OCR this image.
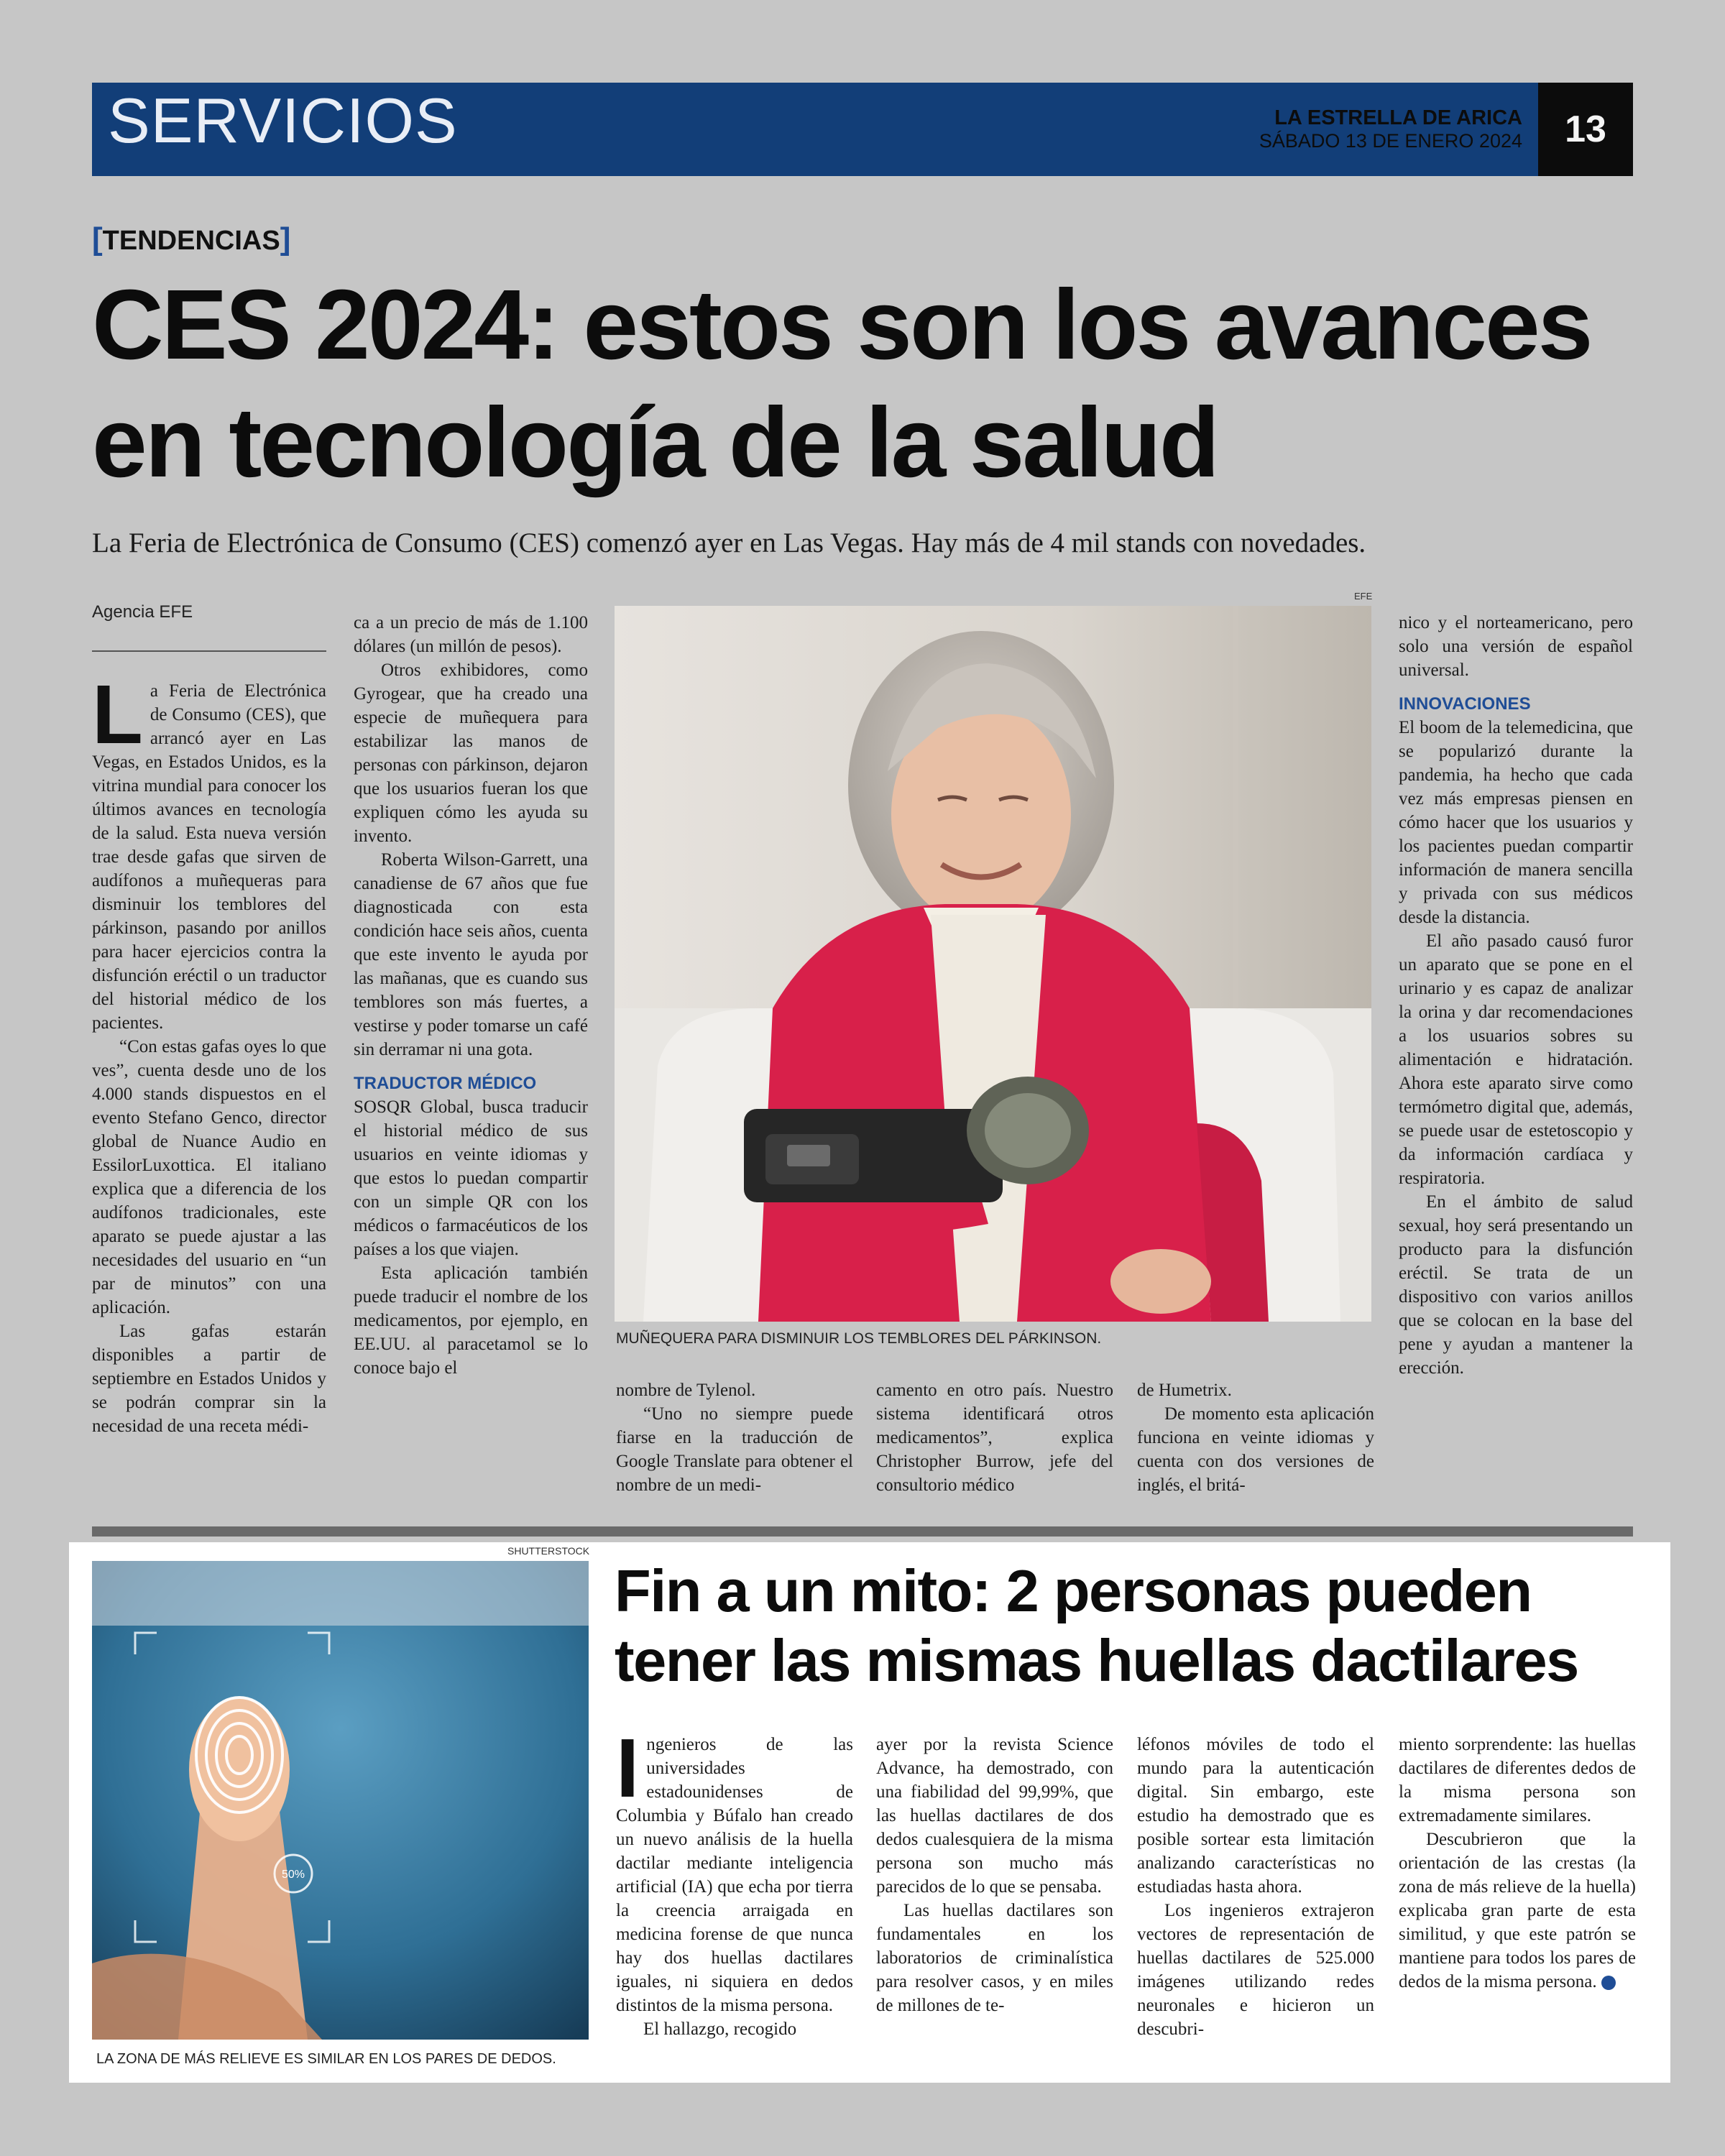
SERVICIOS	LA ESTRELLA DE ARICA
SÁBADO 13 DE ENERO 2024	13
[TENDENCIAS]
CES 2024: estos son los avances
en tecnología de la salud
La Feria de Electrónica de Consumo (CES) comenzó ayer en Las Vegas. Hay más de 4 mil stands con novedades.
Agencia EFE

La Feria de Electrónica de Consumo (CES), que arrancó ayer en Las Vegas, en Estados Unidos, es la vitrina mundial para conocer los últimos avances en tecnología de la salud. Esta nueva versión trae desde gafas que sirven de audífonos a muñequeras para disminuir los temblores del párkinson, pasando por anillos para hacer ejercicios contra la disfunción eréctil o un traductor del historial médico de los pacientes.

“Con estas gafas oyes lo que ves”, cuenta desde uno de los 4.000 stands dispuestos en el evento Stefano Genco, director global de Nuance Audio en EssilorLuxottica. El italiano explica que a diferencia de los audífonos tradicionales, este aparato se puede ajustar a las necesidades del usuario en “un par de minutos” con una aplicación.

Las gafas estarán disponibles a partir de septiembre en Estados Unidos y se podrán comprar sin la necesidad de una receta médi-

ca a un precio de más de 1.100 dólares (un millón de pesos).

Otros exhibidores, como Gyrogear, que ha creado una especie de muñequera para estabilizar las manos de personas con párkinson, dejaron que los usuarios fueran los que expliquen cómo les ayuda su invento.

Roberta Wilson-Garrett, una canadiense de 67 años que fue diagnosticada con esta condición hace seis años, cuenta que este invento le ayuda por las mañanas, que es cuando sus temblores son más fuertes, a vestirse y poder tomarse un café sin derramar ni una gota.

TRADUCTOR MÉDICO

SOSQR Global, busca traducir el historial médico de sus usuarios en veinte idiomas y que estos lo puedan compartir con un simple QR con los médicos o farmacéuticos de los países a los que viajen.

Esta aplicación también puede traducir el nombre de los medicamentos, por ejemplo, en EE.UU. al paracetamol se lo conoce bajo el

EFE
MUÑEQUERA PARA DISMINUIR LOS TEMBLORES DEL PÁRKINSON.

nombre de Tylenol.

“Uno no siempre puede fiarse en la traducción de Google Translate para obtener el nombre de un medi-

camento en otro país. Nuestro sistema identificará otros medicamentos”, explica Christopher Burrow, jefe del consultorio médico

de Humetrix.

De momento esta aplicación funciona en veinte idiomas y cuenta con dos versiones de inglés, el britá-

nico y el norteamericano, pero solo una versión de español universal.

INNOVACIONES

El boom de la telemedicina, que se popularizó durante la pandemia, ha hecho que cada vez más empresas piensen en cómo hacer que los usuarios y los pacientes puedan compartir información de manera sencilla y privada con sus médicos desde la distancia.

El año pasado causó furor un aparato que se pone en el urinario y es capaz de analizar la orina y dar recomendaciones a los usuarios sobres su alimentación e hidratación. Ahora este aparato sirve como termómetro digital que, además, se puede usar de estetoscopio y da información cardíaca y respiratoria.

En el ámbito de salud sexual, hoy será presentando un producto para la disfunción eréctil. Se trata de un dispositivo con varios anillos que se colocan en la base del pene y ayudan a mantener la erección.

SHUTTERSTOCK
50%
LA ZONA DE MÁS RELIEVE ES SIMILAR EN LOS PARES DE DEDOS.
Fin a un mito: 2 personas pueden
tener las mismas huellas dactilares

Ingenieros de las universidades estadounidenses de Columbia y Búfalo han creado un nuevo análisis de la huella dactilar mediante inteligencia artificial (IA) que echa por tierra la creencia arraigada en medicina forense de que nunca hay dos huellas dactilares iguales, ni siquiera en dedos distintos de la misma persona.

El hallazgo, recogido

ayer por la revista Science Advance, ha demostrado, con una fiabilidad del 99,99%, que las huellas dactilares de dos dedos cualesquiera de la misma persona son mucho más parecidos de lo que se pensaba.

Las huellas dactilares son fundamentales en los laboratorios de criminalística para resolver casos, y en miles de millones de te-

léfonos móviles de todo el mundo para la autenticación digital. Sin embargo, este estudio ha demostrado que es posible sortear esta limitación analizando características no estudiadas hasta ahora.

Los ingenieros extrajeron vectores de representación de huellas dactilares de 525.000 imágenes utilizando redes neuronales e hicieron un descubri-

miento sorprendente: las huellas dactilares de diferentes dedos de la misma persona son extremadamente similares.

Descubrieron que la orientación de las crestas (la zona de más relieve de la huella) explicaba gran parte de esta similitud, y que este patrón se mantiene para todos los pares de dedos de la misma persona.	✪
